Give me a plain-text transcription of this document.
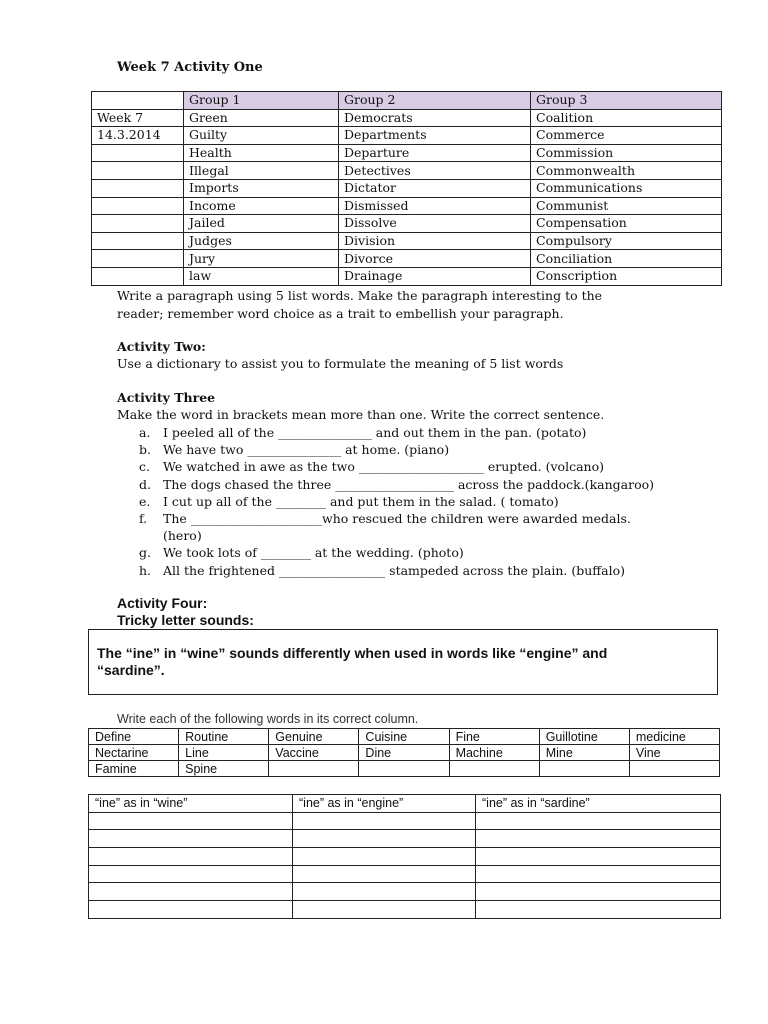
Week 7 Activity One
	Group 1	Group 2	Group 3
Week 7	Green	Democrats	Coalition
14.3.2014	Guilty	Departments	Commerce
	Health	Departure	Commission
	Illegal	Detectives	Commonwealth
	Imports	Dictator	Communications
	Income	Dismissed	Communist
	Jailed	Dissolve	Compensation
	Judges	Division	Compulsory
	Jury	Divorce	Conciliation
	law	Drainage	Conscription
Write a paragraph using 5 list words. Make the paragraph interesting to the
reader; remember word choice as a trait to embellish your paragraph.
Activity Two:
Use a dictionary to assist you to formulate the meaning of 5 list words
Activity Three
Make the word in brackets mean more than one. Write the correct sentence.
a. I peeled all of the _______________ and out them in the pan. (potato)
b. We have two _______________ at home. (piano)
c. We watched in awe as the two ____________________ erupted. (volcano)
d. The dogs chased the three ___________________ across the paddock.(kangaroo)
e. I cut up all of the ________ and put them in the salad. ( tomato)
f. The _____________________who rescued the children were awarded medals.
(hero)
g. We took lots of ________ at the wedding. (photo)
h. All the frightened _________________ stampeded across the plain. (buffalo)
Activity Four:
Tricky letter sounds:
The “ine” in “wine” sounds differently when used in words like “engine” and
“sardine”.
Write each of the following words in its correct column.
Define	Routine	Genuine	Cuisine	Fine	Guillotine	medicine
Nectarine	Line	Vaccine	Dine	Machine	Mine	Vine
Famine	Spine					
“ine” as in “wine”	“ine” as in “engine”	“ine” as in “sardine”
